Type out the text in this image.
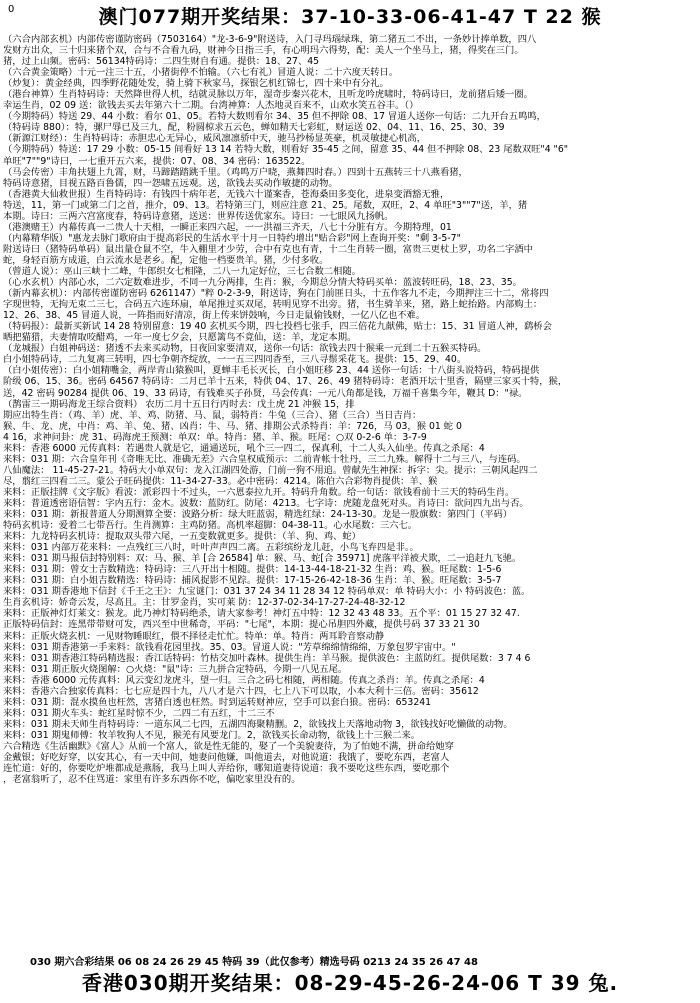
0	澳门077期开奖结果：37-10-33-06-41-47 T 22 猴
（六合内部玄机）内部传密谨防密码（7503164）"龙-3-6-9"附送诗，入门寻玛瑙绿珠，第二猪五二不出，一条妙计捧单数，四八
发财方出众，三十归来猪个双，合与不合看九码，财神今日指三手，有心明玛六得势，配：美人一个坐马上，猪，得奖在三门。
猪，过上山频。密码：56134特码诗：二四生财自有通。提供：18、27、45
（六合黄金策略）十元一注三十五，小猪街停不怕输。（六七有礼）冒道人说：二十六度天转日。
（炒复）：黄金经典，四季野花随处发，骑上骑下秋家马，探银乞机红锦七，四十来中有分礼。
（港台神算）生肖特码诗：天然降世得人机，结就灵脉以万年，湿奇步秦兴花木，且听龙吟虎啸时，特码诗曰，龙前猪后矮一圈。
幸运生肖，02 09 送：欲钱去买去年第六十二期。台湾神算：人杰地灵百来不，山欢水笑五谷丰。（）
（今期特码）特送 29、44 小数：看尔 01、05。若特大数则看尔 34、35 但不押除 08、17 冒道人送你一句话：二九开台五鸣鸣，
（特码诗 880）：特，骡尸辱已及三九，配，粉圆椋求五云色，蝉如精天七彩虹，财运送 02、04、11、16、25、30、39
（新源江财经）：生肖特码诗：赤胆忠心无异心，威风凛凛骄中天，驰马抄杨显英豪，机灵敏捷心机高，
（今期特码）特送：17 29 小数：05-15 间看好 13 14 若特大数，则看好 35-45 之间，留意 35、44 但不押除 08、23 尾数双旺"4 "6"
单旺"7""9"诗曰，一七重开五六来，提供：07、08、34 密码：163522。
（马会传密）丰角扶翅上九霄，财，马蹄踏踏跳千里。（鸡鸣万户晓，燕舞四时春。）四到十五燕转三十八燕看猪，
特码诗意猪，目视五路百鲁儒，四一怨啸五远观。送，欲钱去买动作敏捷的动物。
（香港黄大仙救世报）生肖特码诗：有钱四十病年老，无钱六十谨案香，苍海桑田多变化，进泉变酒豁无雅，
特送，11，第一门或第二门之首，推介，09、13。若特第三门，则应注意 21、25。尾数，双旺，2、4 单旺"3""7"送，羊，猪
本期。诗曰：三两六宫富度春，特码诗意猪，送送：世界传送优家东。诗曰：一七眼风九扬帆。
（港澳赌王）内幕传真一二贵人十天相，一瞬正来四六起，一一洪福三齐天，八七十分脏有方。今期特理，01
（内幕精华版）"惠龙去脉门歌府由于提高彩民的生活水平十月一日特约增出"贴合彩"网上查询开奖："剩 3-5-7"
附送诗曰（猪特码单码）鼠出量仓鼠不空，牛入棚里才少劳，合中有克也有青，十二生肖转一圈，富贵三更杖上罗，功名二字酒中
蛇，身轻百筋方成道，白云流水是老乡。配，定他一档要贵羊。猪，少付多收。
（曾道人说）：巫山三峡十二峰，牛郎织女七相隆，二八一九定好位，三七合数二相随。
（心水玄机）内部心水，二六定数难进步，不同一九分两排，生肖：猴，今期总分情大特码买单：蓝波转旺码，18、23、35。
（新内幕玄机）：内部传密谨防密码 6261147）"粹 0-2-3-9，附送诗，狗在门前匪日头，十五作客九不走，今期押注三十二，常将四
字现世特，无拘无束二三七，合码五六连环扇，单尾推过买双尾，转明见穿不出旁。猪，书生骑羊来，猪，路上蛇抬路。内部购土：
12、26、38、45 冒道人说，一阵指而好清凉，街上传来饼鼓响，今日走鼠偷钱财，一亿八亿也不难。
（特码报）：最新买新试 14 28 特别留意：19 40 玄机买今期，四七投档七张手，四三倍花九献佛，贴士：15、31 冒道人神，鹞桥会
晒把猫猎，夫妻情取咬醋鸡，一年一度七夕会，只愿篱鸟不竟仙，送：羊，龙定本期。
（龙城报）白姐神码送：猪透不去来买动物，日夜回家要清双，送你一句话：欲钱去四十猴乘一元到二十五猴买特码。
白小姐特码诗，二九复离三转明，四七争朝齐绽放，一一五三四同香至，三八寻鬃采花飞。提供：15、29、40。
（白小姐传密）：白小姐精嘴金，两岸青山猿猴叫，夏蝉丰毛长灭长，白小姐旺移 23、44 送你一句话：十八街头说特码，特码提供
阶级 06、15、36。密码 64567 特码诗：二月已羊十五来，特供 04、17、26、49 猪特码诗：老酒开坛十里香，隔壁三家买十特，猴，
送，42 密码 90284 提供 06、19、33 码诗，有钱难买子孙贤，马会传真：一元八角都是钱，万福千喜集今年，鞭其 D："禄。
（鹊雷三一期码海龙王综合资料） 农历二月十五日行丙时去：戊土虎 21 冲猴 15，排
期应出特生肖：（鸡、羊）虎、羊、鸡、防猪、马、鼠，弱特肖：牛兔（三合）、猪（三合）当日吉肖：
猴、牛、龙、虎，中肖：鸡、羊、兔、猪、凶肖：牛、马、猪、排期公式杀特肖：羊：726，马 03，猴 01 蛇 0
4 16，求神问卦：虎 31、码海虎王预测：单双：单。特肖：猪、羊、猴。旺尾：○双 0-2-6 单：3-7-9
来料：香港 6000 元传真料：若遇贵人就是它，通通送玩，吼个三一四二，保真利，十二人头入仙坐。传真之杀尾：4
来料：031 期：六合皇年刊《奇唯无比、准确无差》六合皇权威预示：二前青帐十牡丹，三二九殊。解得十二与三八，与连码。
八仙魔法： 11-45-27-21。特码大小单双句：龙入江湖四处游，门前一狗不用追。曾献先生神探：拆字：尖。提示：三朝风起四二
尽，翦红三四看二三。蒙公子旺码提供：11-34-27-33。必中密码：4214。陈伯六合彩物肖提供：羊、猴
来料：正版挂牌《文字版》看波：派彩四十不过头，一六恩泰拉九开。特码升角数。给一句话：欲钱看前十三天的特码生肖。
来料：普道透密语信智：字内五行：金木。波数：蓝防红。防尾：4213。七字诗：虎随龙盘死对头。肖诗曰：欲问四九出与否。
来料：031 期：新报普道人分期测算全要：波路分析：绿大旺蓝弱，精选红绿：24-13-30。龙是一股旗数：第四门（平码）
特码玄机诗：爱着二七带吾行。生肖测算：主鸡防猪。高机率超脚：04-38-11。心水尾数：三六七。
来料：九龙特码玄机诗：提取双头带六尾，一五变数就更多。提供：（羊、狗、鸡、蛇）
来料：031 内部万花来料：一点残红三八时，叶叶声声四二离。五彩缤纷龙儿赶，小鸟飞弃四是非。。
来料：031 期马报信封特别料：双：马、猴、羊 [合 26584] 单：猴、马、蛇[合 35971] 虎落平洋被犬欺，二一追赶九飞驰。
来料：031 期：曾女士吉数精选：特码诗：三八开出十相随。提供：14-13-44-18-21-32 生肖：鸡、猴。旺尾数：1-5-6
来料：031 期：白小姐吉数精选：特码诗：捕风捉影不见踪。提供：17-15-26-42-18-36 生肖：羊、猴。旺尾数：3-5-7
来料：031 期香港地下信封《千王之王》：九宝谜门：031 37 24 34 11 28 34 12 特码单双：单 特码大小：小 特码波色：蓝。
生肖玄机诗：娇奇云发，尽高且。主：甘罗金肖，实可莱 防：12-37-02-34-17-27-24-48-32-12
来料：正版神灯灯莱文：猴龙。此乃神灯特码绝杀，请大家参考！神灯五中特：12 32 43 48 33。五个平：01 15 27 32 47.
正版特码信封：连黑带带财可发，西兴至中世稀奇，平码："七尾"，本期：提心吊胆四外藏，提供号码 37 33 21 30
来料：正版火烧玄机：一见财物睡眼红，偎不择径走忙忙。特单：单。特肖：两耳聆音察动静
来料：031 期香港第一手来料：欲钱看花园里找。35、03。冒道人说："芳草绵绵情绵绵，万象包罗宇宙中。"
来料：031 期香港江特码精选报：香江话特码：竹枯交加叶森林。提供生肖：羊马猴。提供波色：主蓝防红。提供尾数：3 7 4 6
来料：031 期正版火烧图解：○火烧："鼠"诗：三九拼合定特码，今期一八见五尾。
来料：香港 6000 元传真料：风云变幻龙虎斗，望一归。三合之码七相随，两相随。传真之杀肖：羊。传真之杀尾：4
来料：香港六合独家传真料：七七应是四十九，八八才是六十四，七上八下可以取，小本大利十三倍。密码：35612
来料：031 期：混水摸鱼也枉然，害猪白透也枉然。时到运转财神应，空手可以套白狼。密码：653241
来料：031 期火车头：蛇红星时惊不少，二四二有五红，十二三不
来料：031 期未天师生肖特码诗：一道东风二七四，五湖四海聚精删。2，欲钱找上天落地动物 3，欲钱找好吃懒做的动物。
来料：031 期鬼师傅：牧羊牧狗人不见，猴羌有风要龙门。2，欲钱买长命动物，欲钱上十三猴二来。
六合精选《生活幽默》《富人》从前一个富人，欲是性无能的，娶了一个美貌妻待，为了怕她不满，拼命给她穿
金戴银；好吃好穿，以安其心，有一天中间，她妻问他嫌，叫他道去，对他说道：我饿了，要吃东西，老富人
连忙道：好的，你要吃炉堆都成是燕肠，我马上叫人弄给你，哪知道妻待说道：我不要吃这些东西，要吃那个
，老富翁听了，忍不住骂道：家里有许多东西你不吃，偏吃家里没有的。
030 期六合彩结果 06 08 24 26 29 45 特码 39（此仅参考）精选号码 0213 24 35 26 47 48
香港030期开奖结果：08-29-45-26-24-06 T 39 兔.
